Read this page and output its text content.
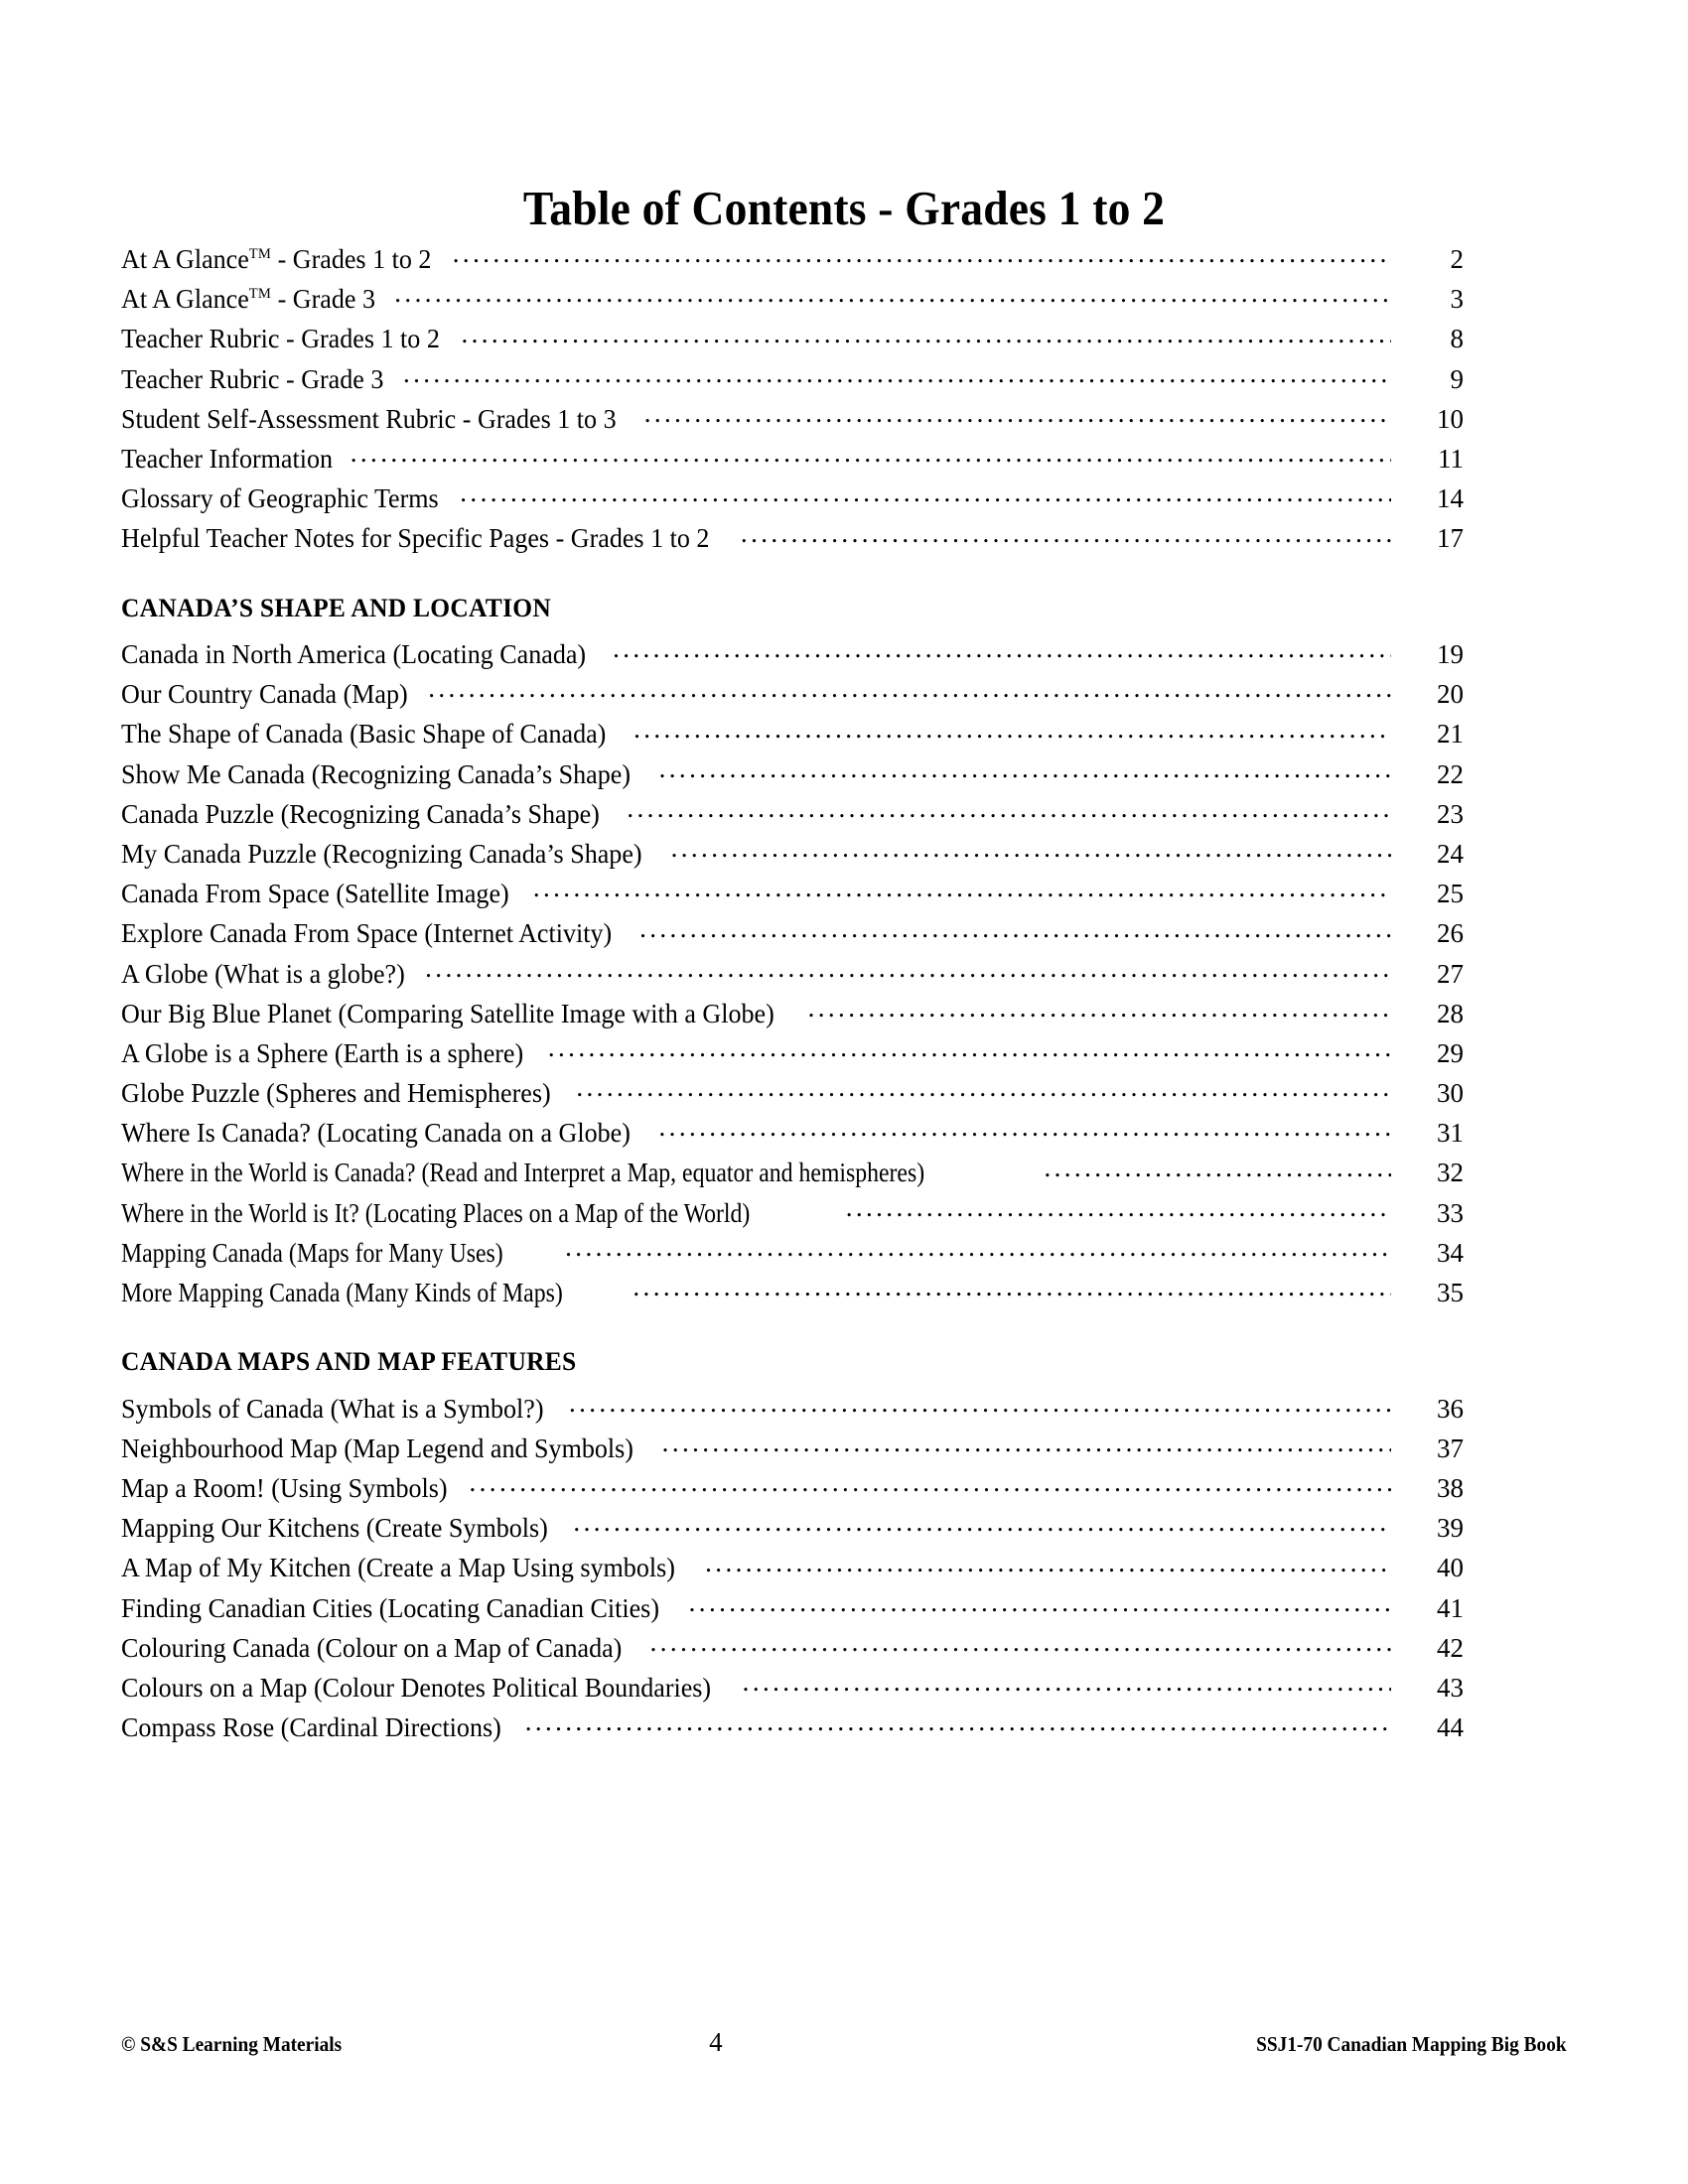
Table of Contents - Grades 1 to 2
At A Glance™ - Grades 1 to 2 .....	2
At A Glance™ - Grade 3 .....	3
Teacher Rubric - Grades 1 to 2 .....	8
Teacher Rubric - Grade 3 .....	9
Student Self-Assessment Rubric - Grades 1 to 3 .....	10
Teacher Information .....	11
Glossary of Geographic Terms .....	14
Helpful Teacher Notes for Specific Pages - Grades 1 to 2 .....	17
CANADA’S SHAPE AND LOCATION
Canada in North America (Locating Canada) .....	19
Our Country Canada (Map) .....	20
The Shape of Canada (Basic Shape of Canada) .....	21
Show Me Canada (Recognizing Canada’s Shape) .....	22
Canada Puzzle (Recognizing Canada’s Shape) .....	23
My Canada Puzzle (Recognizing Canada’s Shape) .....	24
Canada From Space (Satellite Image) .....	25
Explore Canada From Space (Internet Activity) .....	26
A Globe (What is a globe?) .....	27
Our Big Blue Planet (Comparing Satellite Image with a Globe) .....	28
A Globe is a Sphere (Earth is a sphere) .....	29
Globe Puzzle (Spheres and Hemispheres) .....	30
Where Is Canada? (Locating Canada on a Globe) .....	31
Where in the World is Canada? (Read and Interpret a Map, equator and hemispheres) .....	32
Where in the World is It? (Locating Places on a Map of the World) .....	33
Mapping Canada (Maps for Many Uses) .....	34
More Mapping Canada (Many Kinds of Maps) .....	35
CANADA MAPS AND MAP FEATURES
Symbols of Canada (What is a Symbol?) .....	36
Neighbourhood Map (Map Legend and Symbols) .....	37
Map a Room! (Using Symbols) .....	38
Mapping Our Kitchens (Create Symbols) .....	39
A Map of My Kitchen (Create a Map Using symbols) .....	40
Finding Canadian Cities (Locating Canadian Cities) .....	41
Colouring Canada (Colour on a Map of Canada) .....	42
Colours on a Map (Colour Denotes Political Boundaries) .....	43
Compass Rose (Cardinal Directions) .....	44
© S&S Learning Materials	4	SSJ1-70 Canadian Mapping Big Book
